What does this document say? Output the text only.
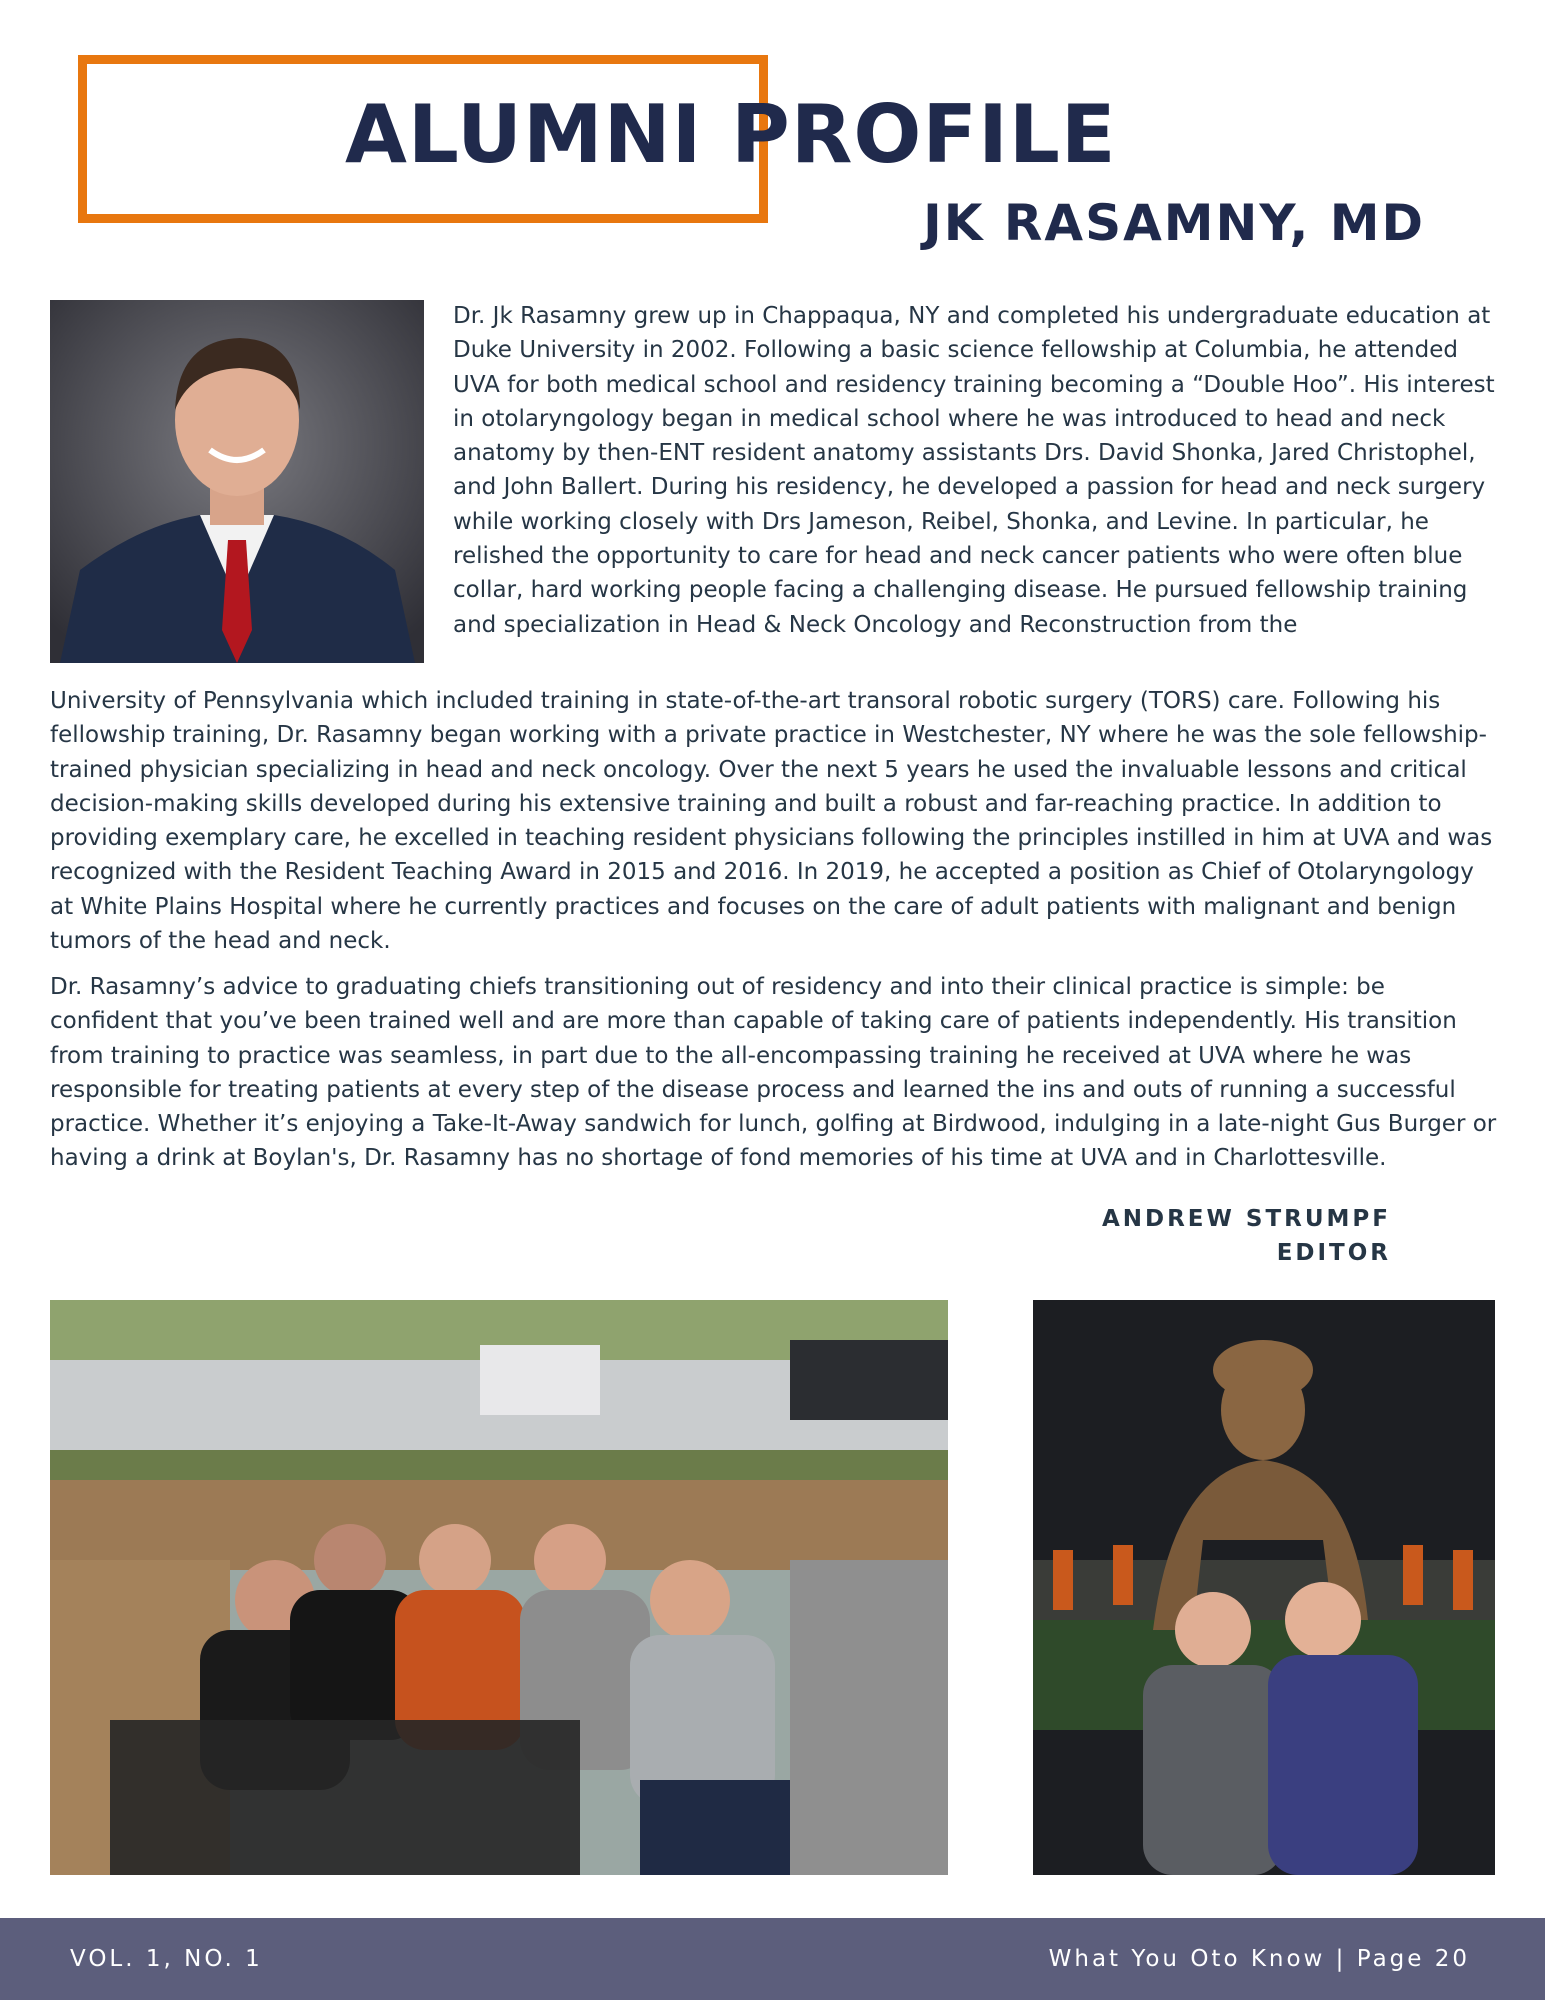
ALUMNI PROFILE
JK RASAMNY, MD

Dr. Jk Rasamny grew up in Chappaqua, NY and completed his undergraduate education at Duke University in 2002. Following a basic science fellowship at Columbia, he attended UVA for both medical school and residency training becoming a “Double Hoo”. His interest in otolaryngology began in medical school where he was introduced to head and neck anatomy by then-ENT resident anatomy assistants Drs. David Shonka, Jared Christophel, and John Ballert. During his residency, he developed a passion for head and neck surgery while working closely with Drs Jameson, Reibel, Shonka, and Levine. In particular, he relished the opportunity to care for head and neck cancer patients who were often blue collar, hard working people facing a challenging disease. He pursued fellowship training and specialization in Head & Neck Oncology and Reconstruction from the

University of Pennsylvania which included training in state-of-the-art transoral robotic surgery (TORS) care. Following his fellowship training, Dr. Rasamny began working with a private practice in Westchester, NY where he was the sole fellowship-trained physician specializing in head and neck oncology. Over the next 5 years he used the invaluable lessons and critical decision-making skills developed during his extensive training and built a robust and far-reaching practice. In addition to providing exemplary care, he excelled in teaching resident physicians following the principles instilled in him at UVA and was recognized with the Resident Teaching Award in 2015 and 2016. In 2019, he accepted a position as Chief of Otolaryngology at White Plains Hospital where he currently practices and focuses on the care of adult patients with malignant and benign tumors of the head and neck.

Dr. Rasamny’s advice to graduating chiefs transitioning out of residency and into their clinical practice is simple: be confident that you’ve been trained well and are more than capable of taking care of patients independently. His transition from training to practice was seamless, in part due to the all-encompassing training he received at UVA where he was responsible for treating patients at every step of the disease process and learned the ins and outs of running a successful practice. Whether it’s enjoying a Take-It-Away sandwich for lunch, golfing at Birdwood, indulging in a late-night Gus Burger or having a drink at Boylan's, Dr. Rasamny has no shortage of fond memories of his time at UVA and in Charlottesville.

ANDREW STRUMPF
EDITOR
VOL. 1, NO. 1	What You Oto Know | Page 20
